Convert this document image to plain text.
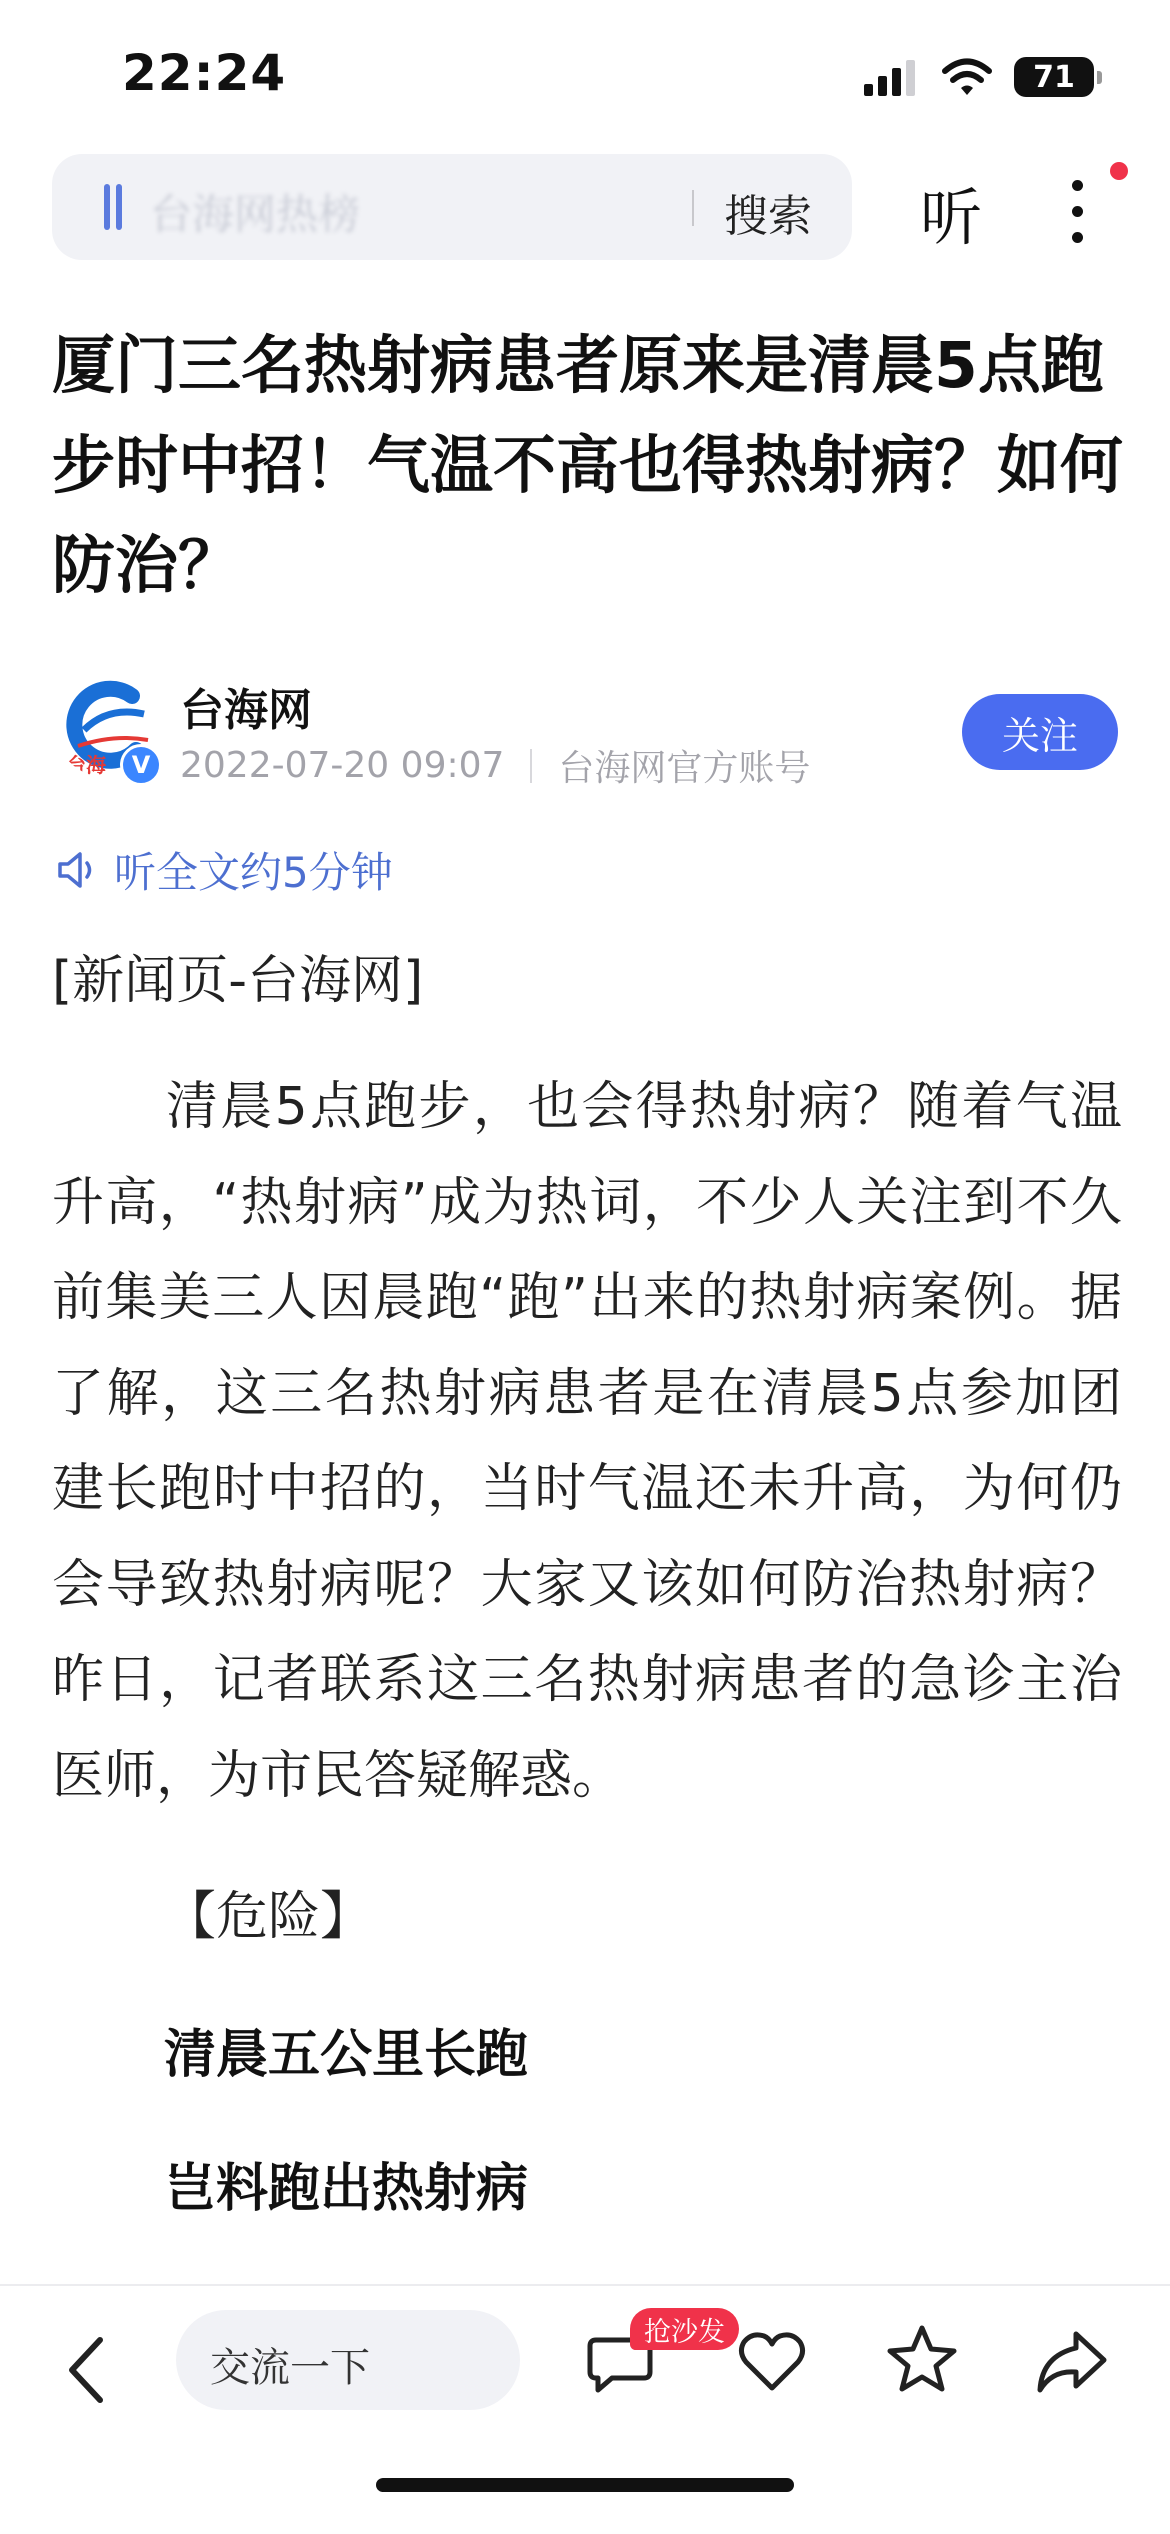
22:24	71
台海网热榜	搜索 听
厦门三名热射病患者原来是清晨5点跑步时中招！气温不高也得热射病？如何防治？
台海	V
台海网
2022-07-20 09:07 台海网官方账号
关注
听全文约5分钟
[新闻页-台海网]
清晨5点跑步，也会得热射病？随着气温升高，“热射病”成为热词，不少人关注到不久前集美三人因晨跑“跑”出来的热射病案例。据了解，这三名热射病患者是在清晨5点参加团建长跑时中招的，当时气温还未升高，为何仍会导致热射病呢？大家又该如何防治热射病？昨日，记者联系这三名热射病患者的急诊主治医师，为市民答疑解惑。
【危险】
清晨五公里长跑
岂料跑出热射病
交流一下
抢沙发
